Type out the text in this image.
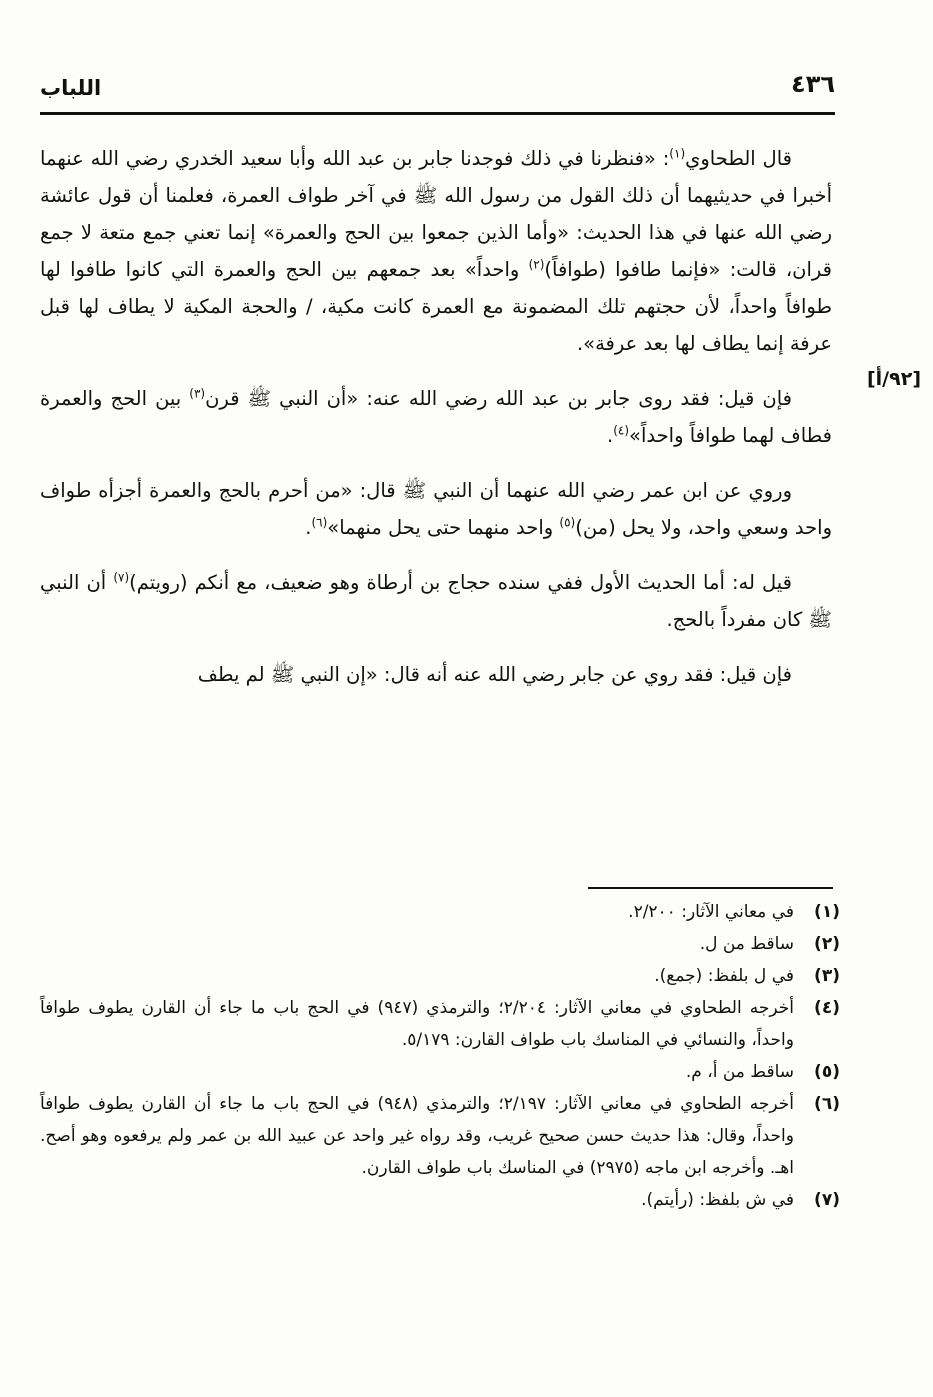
٤٣٦
اللباب
[٩٢/أ]

قال الطحاوي$^{(١)}$: «فنظرنا في ذلك فوجدنا جابر بن عبد الله وأبا سعيد الخدري رضي الله عنهما أخبرا في حديثيهما أن ذلك القول من رسول الله ﷺ في آخر طواف العمرة، فعلمنا أن قول عائشة رضي الله عنها في هذا الحديث: «وأما الذين جمعوا بين الحج والعمرة» إنما تعني جمع متعة لا جمع قران، قالت: «فإنما طافوا (طوافاً)$^{(٢)}$ واحداً» بعد جمعهم بين الحج والعمرة التي كانوا طافوا لها طوافاً واحداً، لأن حجتهم تلك المضمونة مع العمرة كانت مكية، / والحجة المكية لا يطاف لها قبل عرفة إنما يطاف لها بعد عرفة».

فإن قيل: فقد روى جابر بن عبد الله رضي الله عنه: «أن النبي ﷺ قرن$^{(٣)}$ بين الحج والعمرة فطاف لهما طوافاً واحداً»$^{(٤)}$.

وروي عن ابن عمر رضي الله عنهما أن النبي ﷺ قال: «من أحرم بالحج والعمرة أجزأه طواف واحد وسعي واحد، ولا يحل (من)$^{(٥)}$ واحد منهما حتى يحل منهما»$^{(٦)}$.

قيل له: أما الحديث الأول ففي سنده حجاج بن أرطاة وهو ضعيف، مع أنكم (رويتم)$^{(٧)}$ أن النبي ﷺ كان مفرداً بالحج.

فإن قيل: فقد روي عن جابر رضي الله عنه أنه قال: «إن النبي ﷺ لم يطف

(١)
في معاني الآثار: ٢/٢٠٠.
(٢)
ساقط من ل.
(٣)
في ل بلفظ: (جمع).
(٤)
أخرجه الطحاوي في معاني الآثار: ٢/٢٠٤؛ والترمذي (٩٤٧) في الحج باب ما جاء أن القارن يطوف طوافاً واحداً، والنسائي في المناسك باب طواف القارن: ٥/١٧٩.
(٥)
ساقط من أ، م.
(٦)
أخرجه الطحاوي في معاني الآثار: ٢/١٩٧؛ والترمذي (٩٤٨) في الحج باب ما جاء أن القارن يطوف طوافاً واحداً، وقال: هذا حديث حسن صحيح غريب، وقد رواه غير واحد عن عبيد الله بن عمر ولم يرفعوه وهو أصح. اهـ. وأخرجه ابن ماجه (٢٩٧٥) في المناسك باب طواف القارن.
(٧)
في ش بلفظ: (رأيتم).
